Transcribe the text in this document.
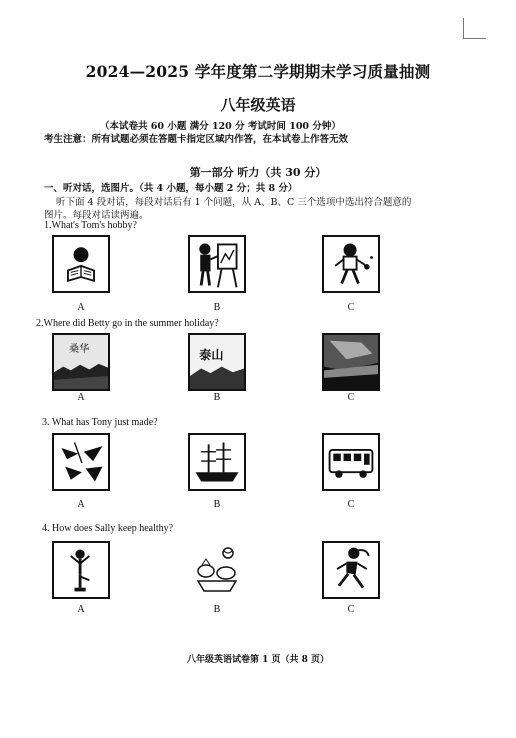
2024—2025 学年度第二学期期末学习质量抽测
八年级英语
（本试卷共 60 小题 满分 120 分 考试时间 100 分钟）
考生注意：所有试题必须在答题卡指定区域内作答，在本试卷上作答无效
第一部分 听力（共 30 分）
一、听对话，选图片。（共 4 小题，每小题 2 分；共 8 分）
听下面 4 段对话，每段对话后有 1 个问题，从 A、B、C 三个选项中选出符合题意的
图片。每段对话读两遍。
1.What's Tom's hobby?
A	B	C
2.Where did Betty go in the summer holiday?
桑华	泰山
A	B	C
3. What has Tony just made?
A	B	C
4. How does Sally keep healthy?
A	B	C
八年级英语试卷第 1 页（共 8 页）
